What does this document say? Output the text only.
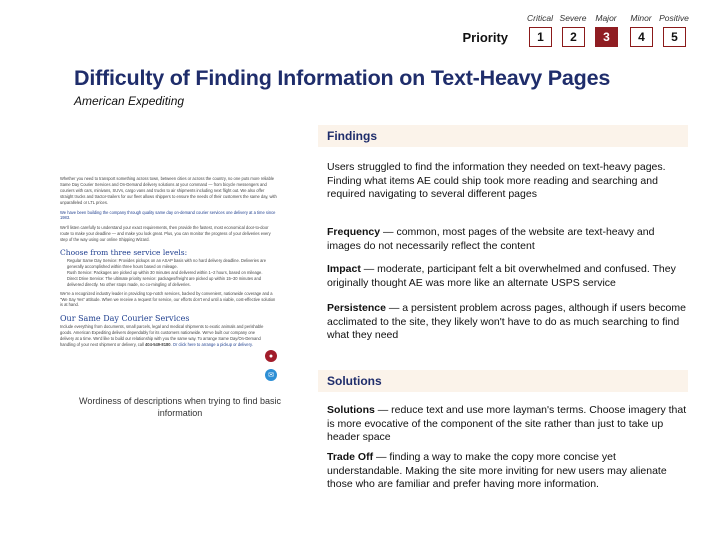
Critical Severe Major Minor Positive
Priority	1	2	3	4	5
Difficulty of Finding Information on Text-Heavy Pages
American Expediting

Whether you need to transport something across town, between cities or across the country, no one puts more reliable Same Day Courier Services and On-Demand delivery solutions at your command — from bicycle messengers and couriers with cars, minivans, SUVs, cargo vans and trucks to air shipments including next flight out. We also offer straight trucks and tractor-trailers for our fleet allows shippers to ensure the needs of their customers the same day, with unparalleled or LTL prices.

We have been building the company through quality same day on-demand courier services one delivery at a time since 1983.

We'll listen carefully to understand your exact requirements, then provide the fastest, most economical door-to-door route to make your deadline — and make you look great. Plus, you can monitor the progress of your deliveries every step of the way using our online Shipping Wizard.

Choose from three service levels:
• Regular Same Day Service: Provides pickups on an ASAP basis with no hard delivery deadline. Deliveries are generally accomplished within three hours based on mileage.
• Rush Service: Packages are picked up within 30 minutes and delivered within 1–2 hours, based on mileage.
• Direct Drive Service: The ultimate priority service: packages/freight are picked up within 15–30 minutes and delivered directly. No other stops made, no co-mingling of deliveries.

We're a recognized industry leader in providing top-notch services, backed by convenient, nationwide coverage and a "We Say Yes" attitude. When we receive a request for service, our efforts don't end until a viable, cost-effective solution is at hand.

Our Same Day Courier Services

Include everything from documents, small parcels, legal and medical shipments to exotic animals and perishable goods. American Expediting delivers dependably for its customers nationwide. We've built our company one delivery at a time. We'd like to build our relationship with you the same way. To arrange Same Day/On-Demand handling of your next shipment or delivery, call 404-549-8180. Or click here to arrange a pickup or delivery.

●
✉
Wordiness of descriptions when trying to find basic information
Findings

Users struggled to find the information they needed on text-heavy pages. Finding what items AE could ship took more reading and searching and required navigating to several different pages

Frequency — common, most pages of the website are text-heavy and images do not necessarily reflect the content

Impact — moderate, participant felt a bit overwhelmed and confused. They originally thought AE was more like an alternate USPS service

Persistence — a persistent problem across pages, although if users become acclimated to the site, they likely won't have to do as much searching to find what they need

Solutions

Solutions — reduce text and use more layman's terms. Choose imagery that is more evocative of the component of the site rather than just to take up header space

Trade Off — finding a way to make the copy more concise yet understandable. Making the site more inviting for new users may alienate those who are familiar and prefer having more information.
